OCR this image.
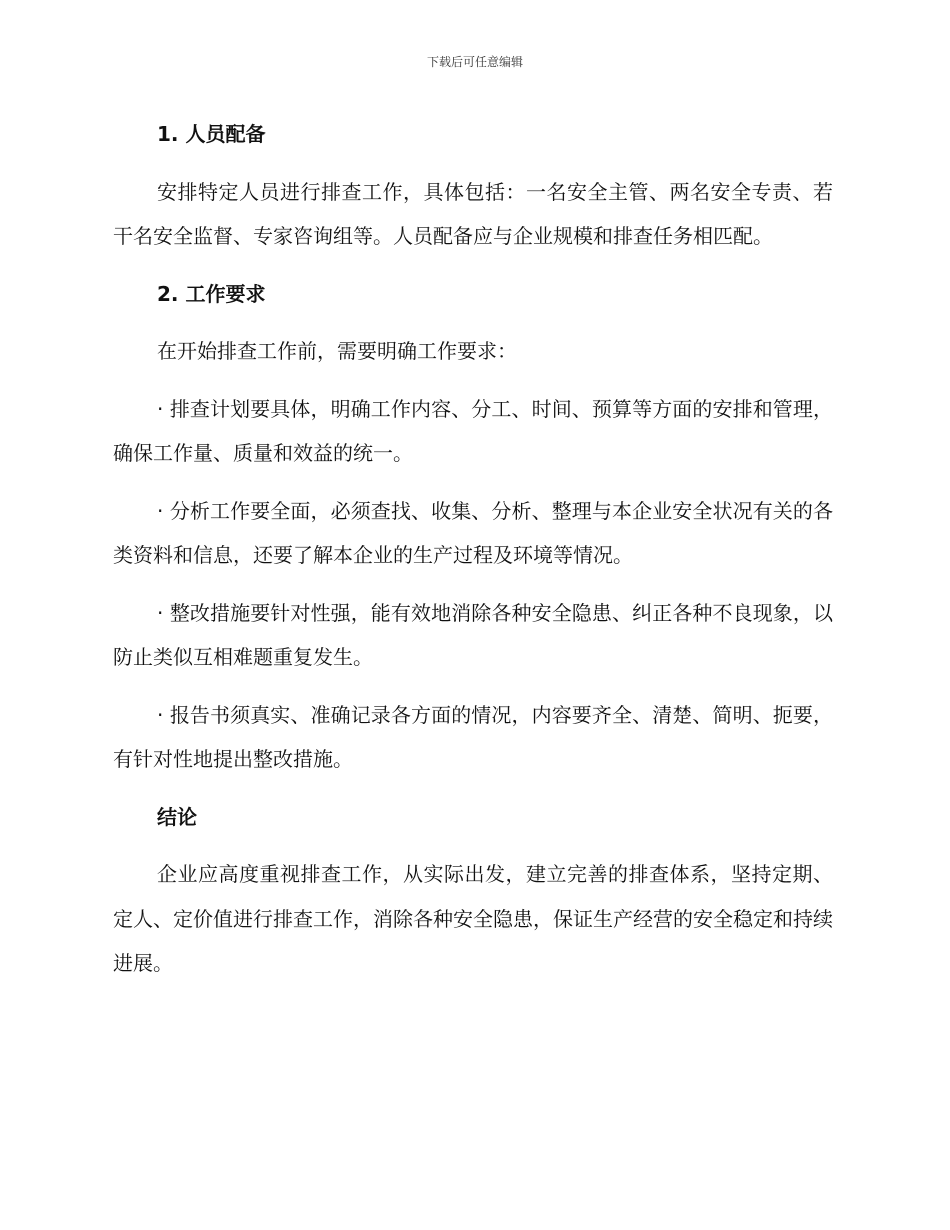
下载后可任意编辑
1. 人员配备

安排特定人员进行排查工作，具体包括：一名安全主管、两名安全专责、若干名安全监督、专家咨询组等。人员配备应与企业规模和排查任务相匹配。

2. 工作要求

在开始排查工作前，需要明确工作要求：

· 排查计划要具体，明确工作内容、分工、时间、预算等方面的安排和管理，确保工作量、质量和效益的统一。

· 分析工作要全面，必须查找、收集、分析、整理与本企业安全状况有关的各类资料和信息，还要了解本企业的生产过程及环境等情况。

· 整改措施要针对性强，能有效地消除各种安全隐患、纠正各种不良现象，以防止类似互相难题重复发生。

· 报告书须真实、准确记录各方面的情况，内容要齐全、清楚、简明、扼要，有针对性地提出整改措施。

结论

企业应高度重视排查工作，从实际出发，建立完善的排查体系，坚持定期、定人、定价值进行排查工作，消除各种安全隐患，保证生产经营的安全稳定和持续进展。
